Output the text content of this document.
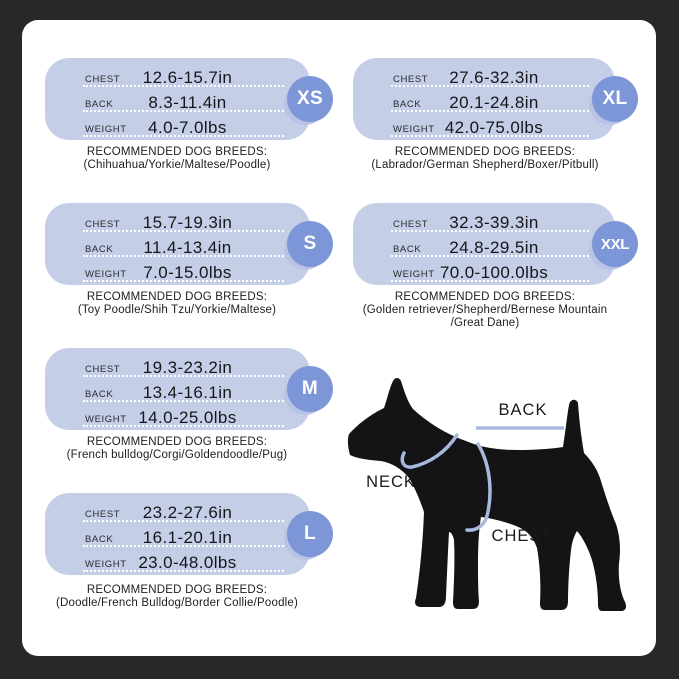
CHEST	12.6-15.7in
BACK	8.3-11.4in
WEIGHT	4.0-7.0lbs
XS
RECOMMENDED DOG BREEDS:
(Chihuahua/Yorkie/Maltese/Poodle)
CHEST	15.7-19.3in
BACK	11.4-13.4in
WEIGHT 7.0-15.0lbs
S
RECOMMENDED DOG BREEDS:
(Toy Poodle/Shih Tzu/Yorkie/Maltese)
CHEST	19.3-23.2in
BACK	13.4-16.1in
WEIGHT 14.0-25.0lbs
M
RECOMMENDED DOG BREEDS:
(French bulldog/Corgi/Goldendoodle/Pug)
CHEST	23.2-27.6in
BACK	16.1-20.1in
WEIGHT 23.0-48.0lbs
L
RECOMMENDED DOG BREEDS:
(Doodle/French Bulldog/Border Collie/Poodle)
CHEST	27.6-32.3in
BACK	20.1-24.8in
WEIGHT 42.0-75.0lbs
XL
RECOMMENDED DOG BREEDS:
(Labrador/German Shepherd/Boxer/Pitbull)
CHEST	32.3-39.3in
BACK	24.8-29.5in
WEIGHT 70.0-100.0lbs
XXL
RECOMMENDED DOG BREEDS:
(Golden retriever/Shepherd/Bernese Mountain
/Great Dane)
BACK
NECK
CHEST
